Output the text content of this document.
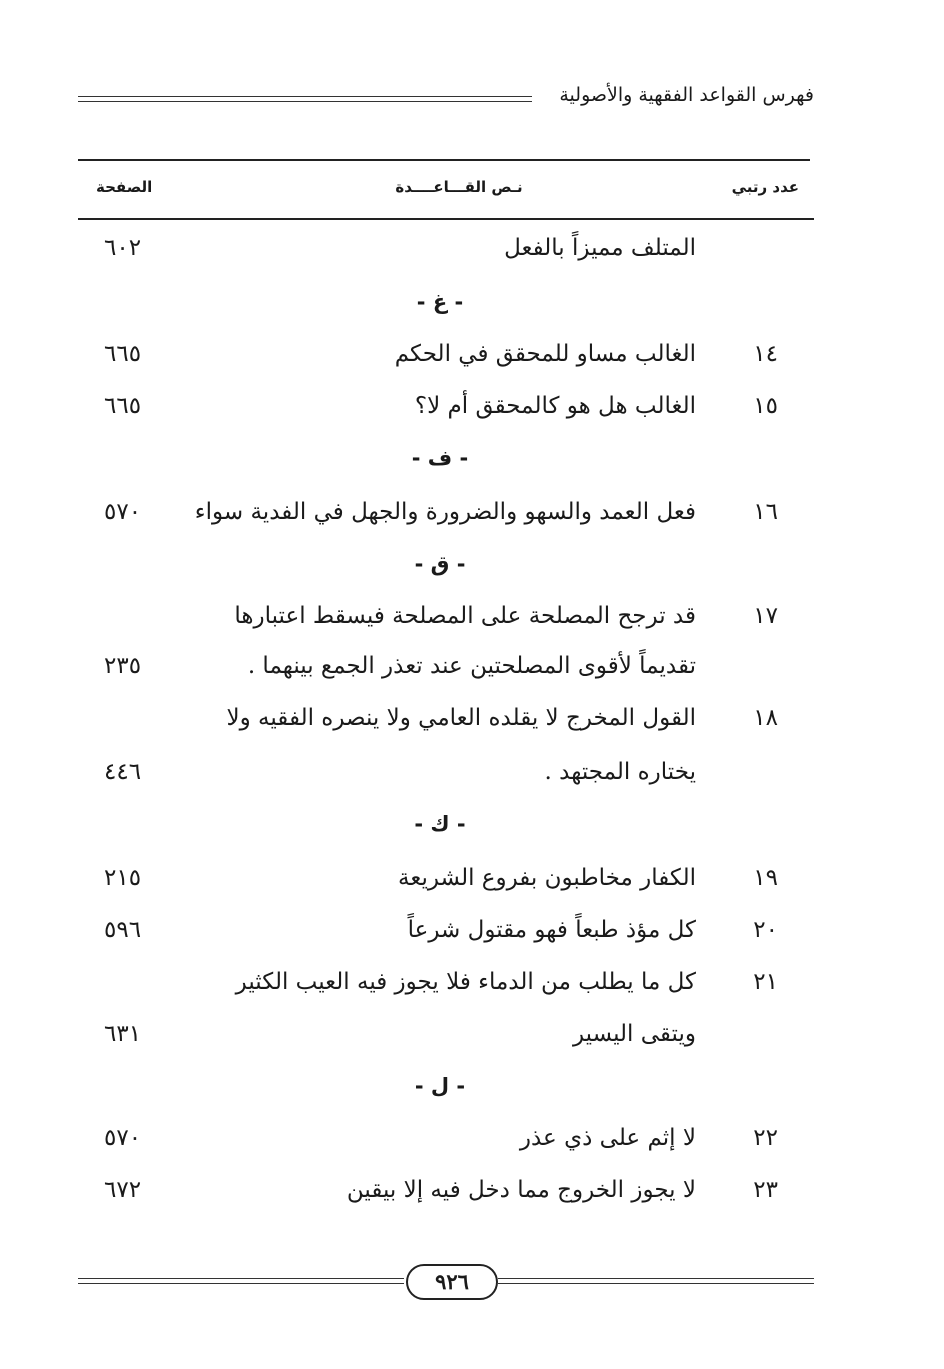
فهرس القواعد الفقهية والأصولية
عدد رتبي
نـص القـــاعــــدة
الصفحة
المتلف مميزاً بالفعل
٦٠٢
- غ -
١٤
الغالب مساو للمحقق في الحكم
٦٦٥
١٥
الغالب هل هو كالمحقق أم لا؟
٦٦٥
- ف -
١٦
فعل العمد والسهو والضرورة والجهل في الفدية سواء
٥٧٠
- ق -
١٧
قد ترجح المصلحة على المصلحة فيسقط اعتبارها
تقديماً لأقوى المصلحتين عند تعذر الجمع بينهما .
٢٣٥
١٨
القول المخرج لا يقلده العامي ولا ينصره الفقيه ولا
يختاره المجتهد .
٤٤٦
- ك -
١٩
الكفار مخاطبون بفروع الشريعة
٢١٥
٢٠
كل مؤذ طبعاً فهو مقتول شرعاً
٥٩٦
٢١
كل ما يطلب من الدماء فلا يجوز فيه العيب الكثير
ويتقى اليسير
٦٣١
- ل -
٢٢
لا إثم على ذي عذر
٥٧٠
٢٣
لا يجوز الخروج مما دخل فيه إلا بيقين
٦٧٢
٩٢٦
